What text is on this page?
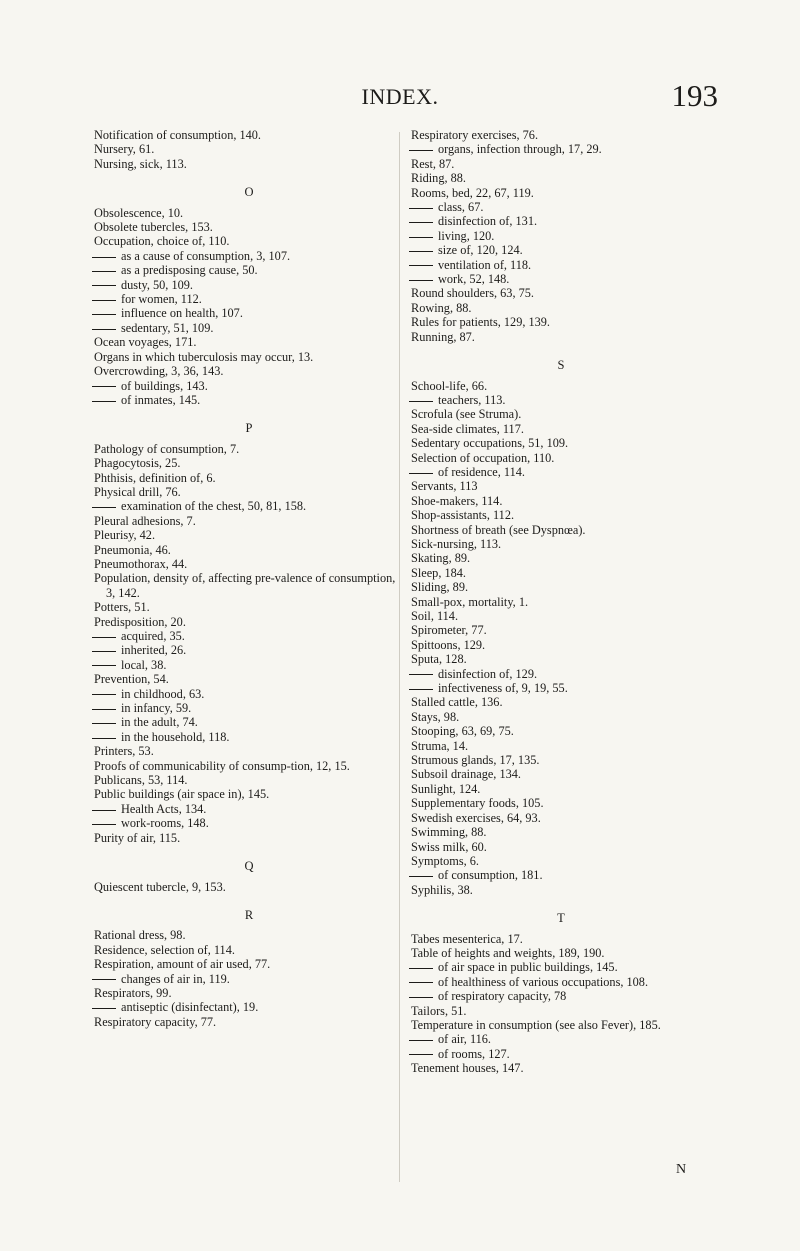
INDEX.	193
Notification of consumption, 140.
Nursery, 61.
Nursing, sick, 113.
O
Obsolescence, 10.
Obsolete tubercles, 153.
Occupation, choice of, 110.
as a cause of consumption, 3, 107.
as a predisposing cause, 50.
dusty, 50, 109.
for women, 112.
influence on health, 107.
sedentary, 51, 109.
Ocean voyages, 171.
Organs in which tuberculosis may occur, 13.
Overcrowding, 3, 36, 143.
of buildings, 143.
of inmates, 145.
P
Pathology of consumption, 7.
Phagocytosis, 25.
Phthisis, definition of, 6.
Physical drill, 76.
examination of the chest, 50, 81, 158.
Pleural adhesions, 7.
Pleurisy, 42.
Pneumonia, 46.
Pneumothorax, 44.
Population, density of, affecting pre-valence of consumption, 3, 142.
Potters, 51.
Predisposition, 20.
acquired, 35.
inherited, 26.
local, 38.
Prevention, 54.
in childhood, 63.
in infancy, 59.
in the adult, 74.
in the household, 118.
Printers, 53.
Proofs of communicability of consump-tion, 12, 15.
Publicans, 53, 114.
Public buildings (air space in), 145.
Health Acts, 134.
work-rooms, 148.
Purity of air, 115.
Q
Quiescent tubercle, 9, 153.
R
Rational dress, 98.
Residence, selection of, 114.
Respiration, amount of air used, 77.
changes of air in, 119.
Respirators, 99.
antiseptic (disinfectant), 19.
Respiratory capacity, 77.
Respiratory exercises, 76.
organs, infection through, 17, 29.
Rest, 87.
Riding, 88.
Rooms, bed, 22, 67, 119.
class, 67.
disinfection of, 131.
living, 120.
size of, 120, 124.
ventilation of, 118.
work, 52, 148.
Round shoulders, 63, 75.
Rowing, 88.
Rules for patients, 129, 139.
Running, 87.
S
School-life, 66.
teachers, 113.
Scrofula (see Struma).
Sea-side climates, 117.
Sedentary occupations, 51, 109.
Selection of occupation, 110.
of residence, 114.
Servants, 113
Shoe-makers, 114.
Shop-assistants, 112.
Shortness of breath (see Dyspnœa).
Sick-nursing, 113.
Skating, 89.
Sleep, 184.
Sliding, 89.
Small-pox, mortality, 1.
Soil, 114.
Spirometer, 77.
Spittoons, 129.
Sputa, 128.
disinfection of, 129.
infectiveness of, 9, 19, 55.
Stalled cattle, 136.
Stays, 98.
Stooping, 63, 69, 75.
Struma, 14.
Strumous glands, 17, 135.
Subsoil drainage, 134.
Sunlight, 124.
Supplementary foods, 105.
Swedish exercises, 64, 93.
Swimming, 88.
Swiss milk, 60.
Symptoms, 6.
of consumption, 181.
Syphilis, 38.
T
Tabes mesenterica, 17.
Table of heights and weights, 189, 190.
of air space in public buildings, 145.
of healthiness of various occupations, 108.
of respiratory capacity, 78
Tailors, 51.
Temperature in consumption (see also Fever), 185.
of air, 116.
of rooms, 127.
Tenement houses, 147.
N
